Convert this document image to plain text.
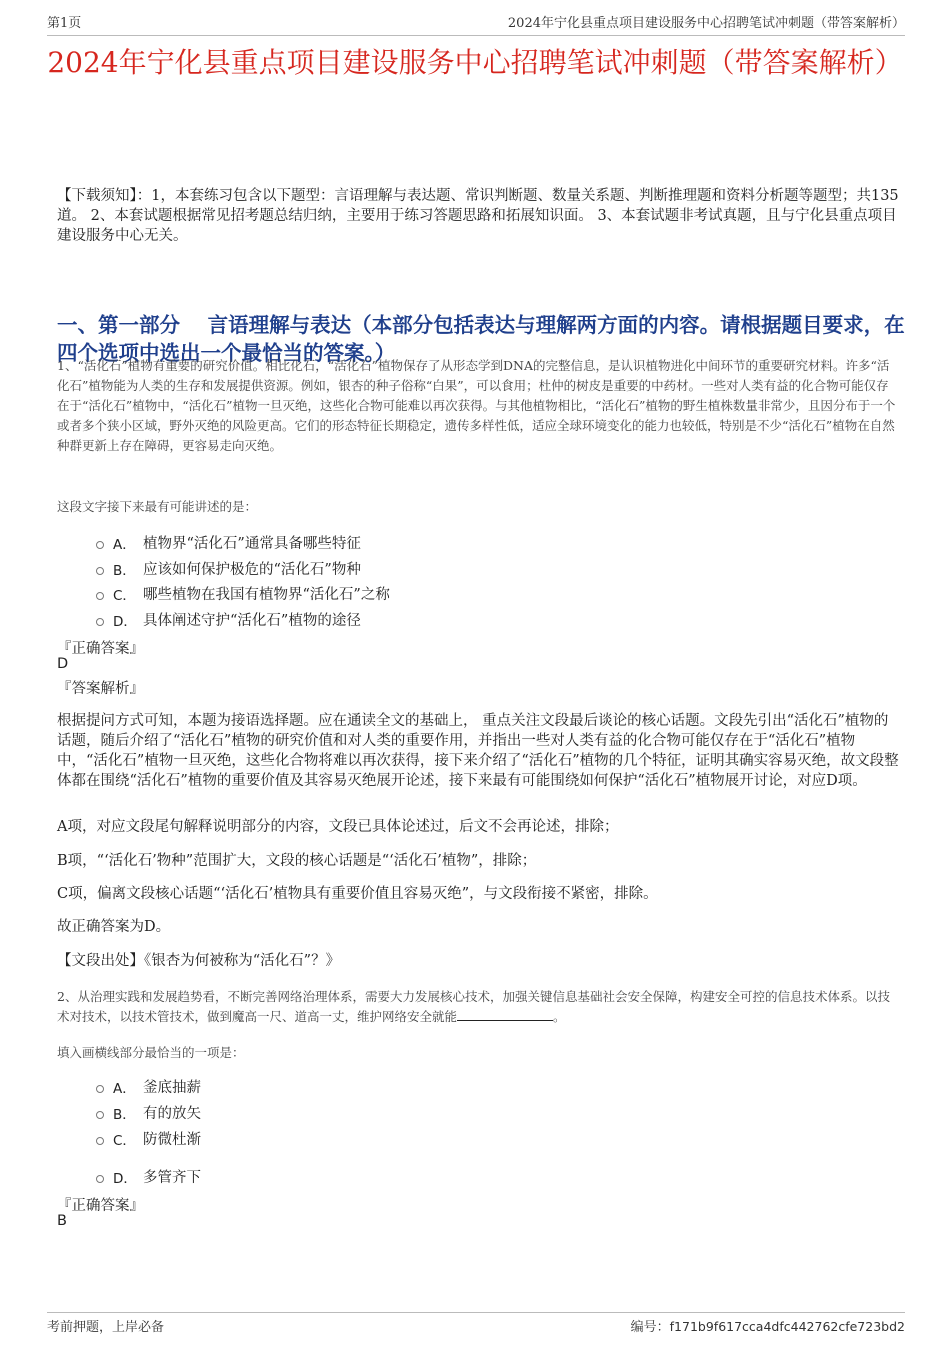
第1页	2024年宁化县重点项目建设服务中心招聘笔试冲刺题（带答案解析）
2024年宁化县重点项目建设服务中心招聘笔试冲刺题（带答案解析）

【下载须知】：1，本套练习包含以下题型：言语理解与表达题、常识判断题、数量关系题、判断推理题和资料分析题等题型；共135道。 2、本套试题根据常见招考题总结归纳，主要用于练习答题思路和拓展知识面。 3、本套试题非考试真题，且与宁化县重点项目建设服务中心无关。

一、第一部分　 言语理解与表达（本部分包括表达与理解两方面的内容。请根据题目要求，在四个选项中选出一个最恰当的答案。）

1、“活化石”植物有重要的研究价值。相比化石，“活化石”植物保存了从形态学到DNA的完整信息，是认识植物进化中间环节的重要研究材料。许多“活化石”植物能为人类的生存和发展提供资源。例如，银杏的种子俗称“白果”，可以食用；杜仲的树皮是重要的中药材。一些对人类有益的化合物可能仅存在于“活化石”植物中，“活化石”植物一旦灭绝，这些化合物可能难以再次获得。与其他植物相比，“活化石”植物的野生植株数量非常少，且因分布于一个或者多个狭小区域，野外灭绝的风险更高。它们的形态特征长期稳定，遗传多样性低，适应全球环境变化的能力也较低，特别是不少“活化石”植物在自然种群更新上存在障碍，更容易走向灭绝。

这段文字接下来最有可能讲述的是：

A． 植物界“活化石”通常具备哪些特征
B． 应该如何保护极危的“活化石”物种
C． 哪些植物在我国有植物界“活化石”之称
D． 具体阐述守护“活化石”植物的途径
『正确答案』
D
『答案解析』

根据提问方式可知，本题为接语选择题。应在通读全文的基础上， 重点关注文段最后谈论的核心话题。文段先引出“活化石”植物的话题，随后介绍了“活化石”植物的研究价值和对人类的重要作用，并指出一些对人类有益的化合物可能仅存在于“活化石”植物中，“活化石”植物一旦灭绝，这些化合物将难以再次获得，接下来介绍了“活化石”植物的几个特征，证明其确实容易灭绝，故文段整体都在围绕“活化石”植物的重要价值及其容易灭绝展开论述，接下来最有可能围绕如何保护“活化石”植物展开讨论，对应D项。

A项，对应文段尾句解释说明部分的内容，文段已具体论述过，后文不会再论述，排除；

B项，“‘活化石’物种”范围扩大，文段的核心话题是“‘活化石’植物”，排除；

C项，偏离文段核心话题“‘活化石’植物具有重要价值且容易灭绝”，与文段衔接不紧密，排除。

故正确答案为D。

【文段出处】《银杏为何被称为“活化石”？》

2、从治理实践和发展趋势看，不断完善网络治理体系，需要大力发展核心技术，加强关键信息基础社会安全保障，构建安全可控的信息技术体系。以技术对技术，以技术管技术，做到魔高一尺、道高一丈，维护网络安全就能	。

填入画横线部分最恰当的一项是：

A． 釜底抽薪
B． 有的放矢
C． 防微杜渐
D． 多管齐下
『正确答案』
B
考前押题，上岸必备	编号：f171b9f617cca4dfc442762cfe723bd2
